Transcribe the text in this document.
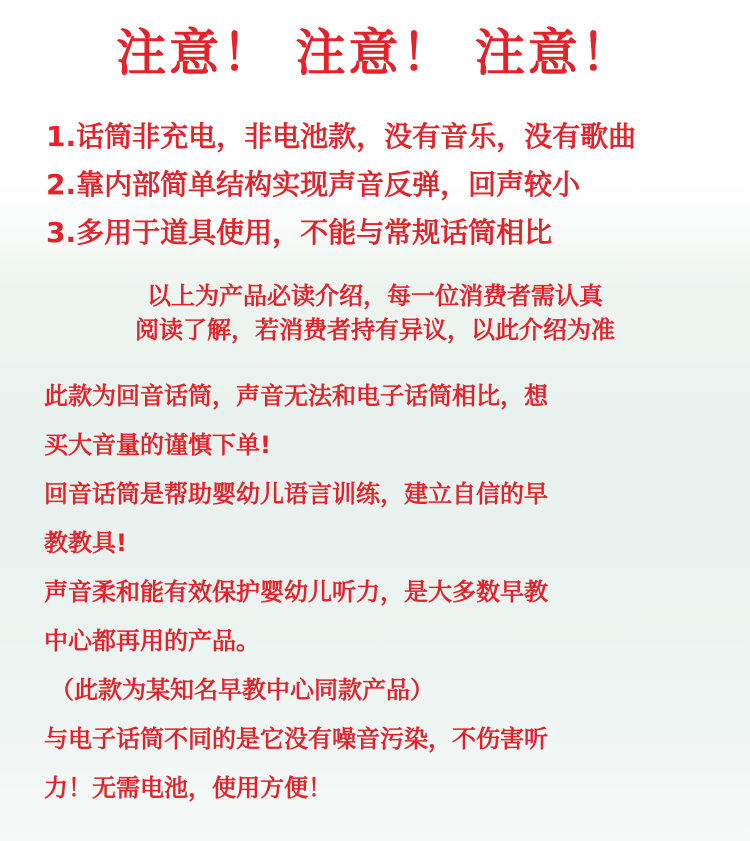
注意！ 注意！ 注意！
1.话筒非充电，非电池款，没有音乐，没有歌曲
2.靠内部简单结构实现声音反弹，回声较小
3.多用于道具使用，不能与常规话筒相比
以上为产品必读介绍，每一位消费者需认真
阅读了解，若消费者持有异议，以此介绍为准
此款为回音话筒，声音无法和电子话筒相比，想
买大音量的谨慎下单!
回音话筒是帮助婴幼儿语言训练，建立自信的早
教教具!
声音柔和能有效保护婴幼儿听力，是大多数早教
中心都再用的产品。
（此款为某知名早教中心同款产品）
与电子话筒不同的是它没有噪音污染，不伤害听
力！无需电池，使用方便！
